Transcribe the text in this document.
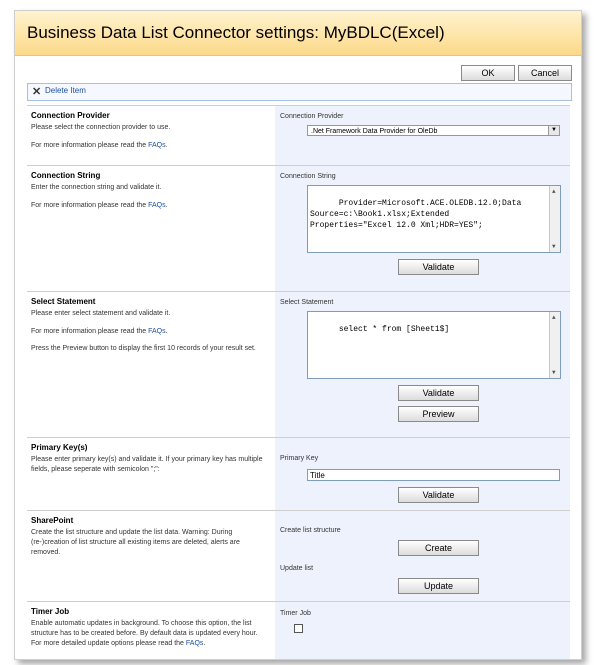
Business Data List Connector settings: MyBDLC(Excel)
OK	Cancel
✕ Delete Item
Connection Provider
Please select the connection provider to use.
For more information please read the FAQs.
Connection Provider
.Net Framework Data Provider for OleDb	▼
Connection String
Enter the connection string and validate it.
For more information please read the FAQs.
Connection String

Provider=Microsoft.ACE.OLEDB.12.0;Data
Source=c:\Book1.xlsx;Extended
Properties="Excel 12.0 Xml;HDR=YES";

▲
▼

Validate
Select Statement
Please enter select statement and validate it.
For more information please read the FAQs.
Press the Preview button to display the first 10 records of your result set.
Select Statement

select * from [Sheet1$]

▲
▼

Validate
Preview
Primary Key(s)
Please enter primary key(s) and validate it. If your primary key has multiple fields, please seperate with semicolon ";":
Primary Key
Title
Validate
SharePoint
Create the list structure and update the list data. Warning: During (re-)creation of list structure all existing items are deleted, alerts are removed.
Create list structure
Create
Update list
Update
Timer Job
Enable automatic updates in background. To choose this option, the list structure has to be created before. By default data is updated every hour. For more detailed update options please read the FAQs.
Timer Job
